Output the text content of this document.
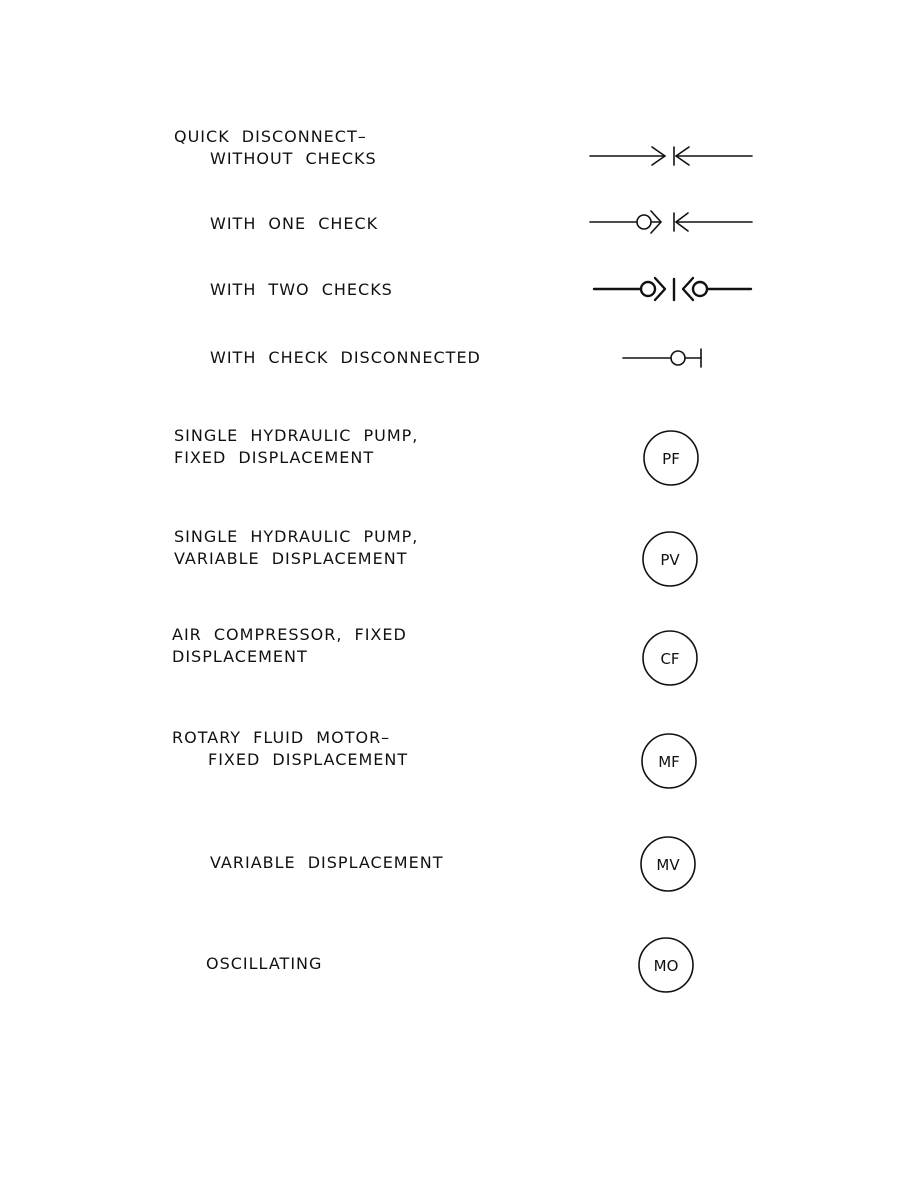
QUICK DISCONNECT–
WITHOUT CHECKS
WITH ONE CHECK
WITH TWO CHECKS
WITH CHECK DISCONNECTED
SINGLE HYDRAULIC PUMP,
FIXED DISPLACEMENT
SINGLE HYDRAULIC PUMP,
VARIABLE DISPLACEMENT
AIR COMPRESSOR, FIXED
DISPLACEMENT
ROTARY FLUID MOTOR–
FIXED DISPLACEMENT
VARIABLE DISPLACEMENT
OSCILLATING
PF
PV
CF
MF
MV
MO
